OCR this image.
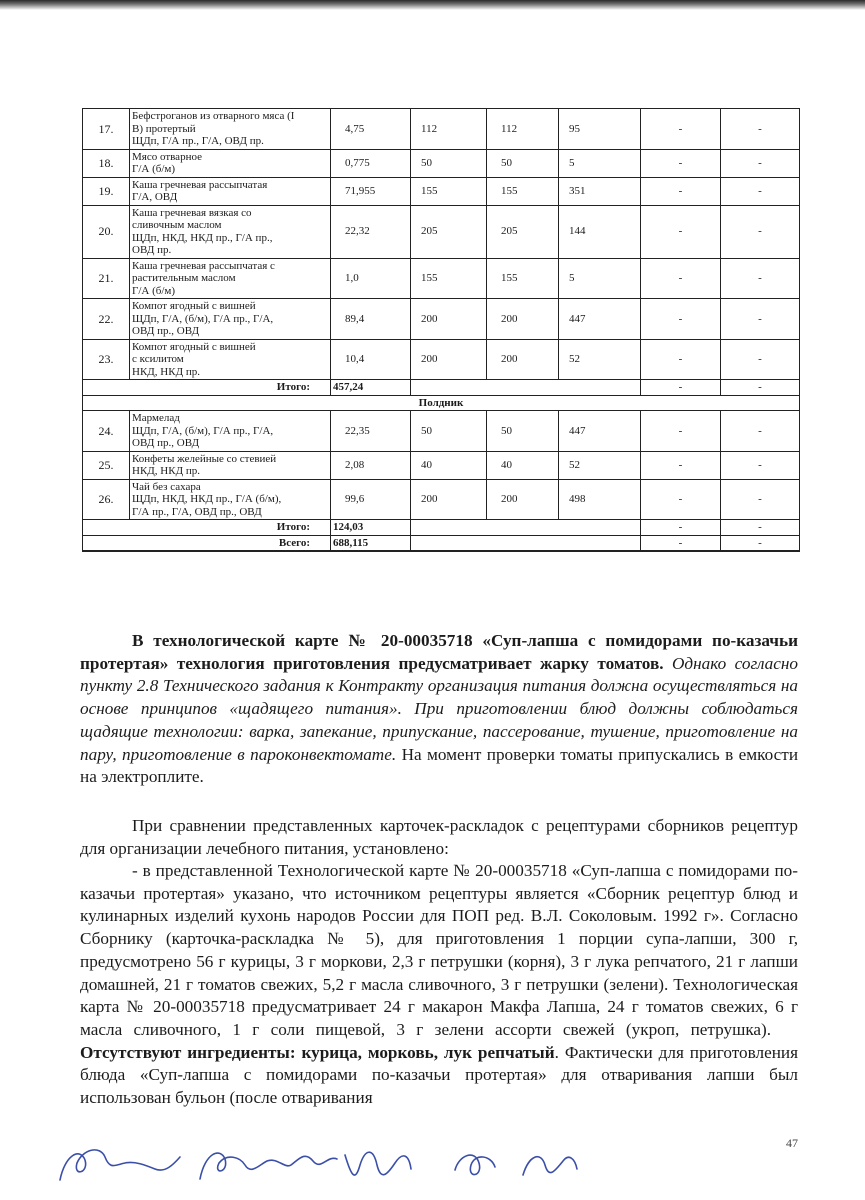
17.	Бефстроганов из отварного мяса (I
В) протертый
ЩДп, Г/А пр., Г/А, ОВД пр.	4,75	112	112	95	-	-
18.	Мясо отварное
Г/А (б/м)	0,775	50	50	5	-	-
19.	Каша гречневая рассыпчатая
Г/А, ОВД	71,955	155	155	351	-	-
20.	Каша гречневая вязкая со
сливочным маслом
ЩДп, НКД, НКД пр., Г/А пр.,
ОВД пр.	22,32	205	205	144	-	-
21.	Каша гречневая рассыпчатая с
растительным маслом
Г/А (б/м)	1,0	155	155	5	-	-
22.	Компот ягодный с вишней
ЩДп, Г/А, (б/м), Г/А пр., Г/А,
ОВД пр., ОВД	89,4	200	200	447	-	-
23.	Компот ягодный с вишней
с ксилитом
НКД, НКД пр.	10,4	200	200	52	-	-
Итого:		457,24				-	-
Полдник							
24.	Мармелад
ЩДп, Г/А, (б/м), Г/А пр., Г/А,
ОВД пр., ОВД	22,35	50	50	447	-	-
25.	Конфеты желейные со стевией
НКД, НКД пр.	2,08	40	40	52	-	-
26.	Чай без сахара
ЩДп, НКД, НКД пр., Г/А (б/м),
Г/А пр., Г/А, ОВД пр., ОВД	99,6	200	200	498	-	-
Итого:		124,03				-	-
Всего:		688,115				-	-
В технологической карте № 20-00035718 «Суп-лапша с помидорами по-казачьи протертая» технология приготовления предусматривает жарку томатов. Однако согласно пункту 2.8 Технического задания к Контракту организация питания должна осуществляться на основе принципов «щадящего питания». При приготовлении блюд должны соблюдаться щадящие технологии: варка, запекание, припускание, пассерование, тушение, приготовление на пару, приготовление в пароконвектомате. На момент проверки томаты припускались в емкости на электроплите.
При сравнении представленных карточек-раскладок с рецептурами сборников рецептур для организации лечебного питания, установлено:
- в представленной Технологической карте № 20-00035718 «Суп-лапша с помидорами по-казачьи протертая» указано, что источником рецептуры является «Сборник рецептур блюд и кулинарных изделий кухонь народов России для ПОП ред. В.Л. Соколовым. 1992 г». Согласно Сборнику (карточка-раскладка № 5), для приготовления 1 порции супа-лапши, 300 г, предусмотрено 56 г курицы, 3 г моркови, 2,3 г петрушки (корня), 3 г лука репчатого, 21 г лапши домашней, 21 г томатов свежих, 5,2 г масла сливочного, 3 г петрушки (зелени). Технологическая карта № 20-00035718 предусматривает 24 г макарон Макфа Лапша, 24 г томатов свежих, 6 г масла сливочного, 1 г соли пищевой, 3 г зелени ассорти свежей (укроп, петрушка).    Отсутствуют ингредиенты: курица, морковь, лук репчатый. Фактически для приготовления блюда «Суп-лапша с помидорами по-казачьи протертая» для отваривания лапши был использован бульон (после отваривания
47
